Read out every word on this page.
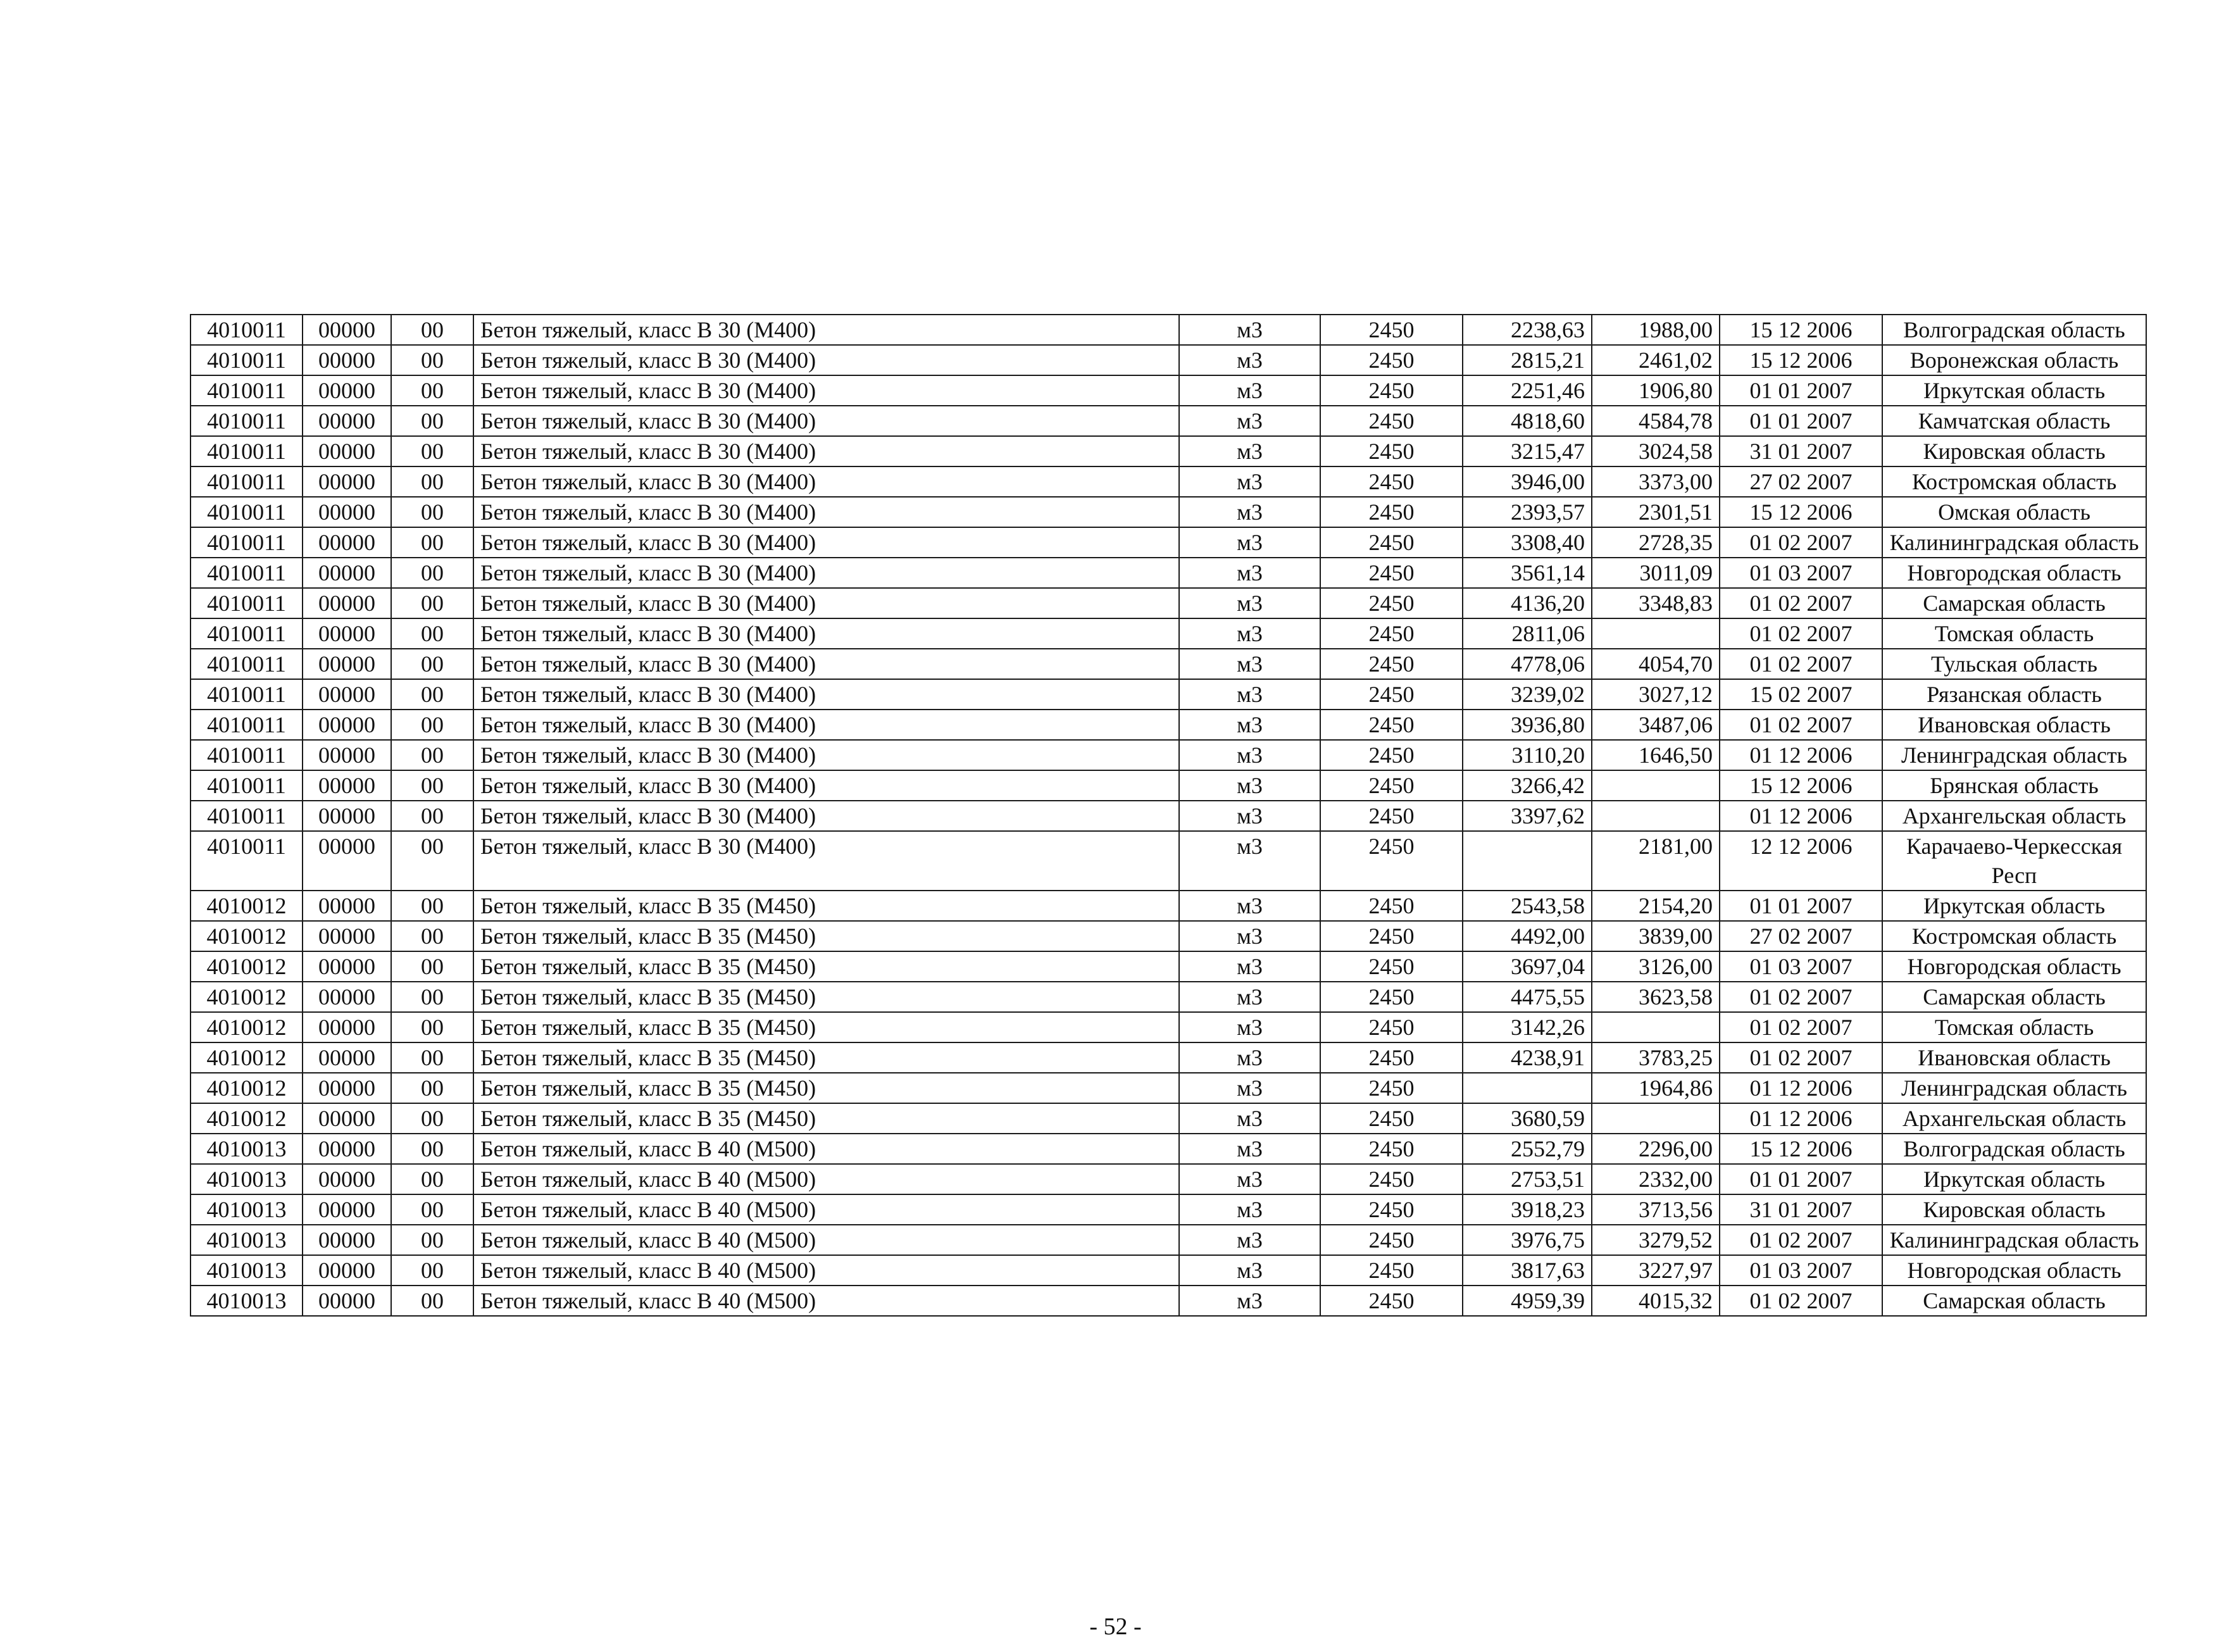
4010011	00000	00	Бетон тяжелый, класс В 30 (М400)	м3	2450	2238,63	1988,00	15 12 2006	Волгоградская область
4010011	00000	00	Бетон тяжелый, класс В 30 (М400)	м3	2450	2815,21	2461,02	15 12 2006	Воронежская область
4010011	00000	00	Бетон тяжелый, класс В 30 (М400)	м3	2450	2251,46	1906,80	01 01 2007	Иркутская область
4010011	00000	00	Бетон тяжелый, класс В 30 (М400)	м3	2450	4818,60	4584,78	01 01 2007	Камчатская область
4010011	00000	00	Бетон тяжелый, класс В 30 (М400)	м3	2450	3215,47	3024,58	31 01 2007	Кировская область
4010011	00000	00	Бетон тяжелый, класс В 30 (М400)	м3	2450	3946,00	3373,00	27 02 2007	Костромская область
4010011	00000	00	Бетон тяжелый, класс В 30 (М400)	м3	2450	2393,57	2301,51	15 12 2006	Омская область
4010011	00000	00	Бетон тяжелый, класс В 30 (М400)	м3	2450	3308,40	2728,35	01 02 2007	Калининградская область
4010011	00000	00	Бетон тяжелый, класс В 30 (М400)	м3	2450	3561,14	3011,09	01 03 2007	Новгородская область
4010011	00000	00	Бетон тяжелый, класс В 30 (М400)	м3	2450	4136,20	3348,83	01 02 2007	Самарская область
4010011	00000	00	Бетон тяжелый, класс В 30 (М400)	м3	2450	2811,06		01 02 2007	Томская область
4010011	00000	00	Бетон тяжелый, класс В 30 (М400)	м3	2450	4778,06	4054,70	01 02 2007	Тульская область
4010011	00000	00	Бетон тяжелый, класс В 30 (М400)	м3	2450	3239,02	3027,12	15 02 2007	Рязанская область
4010011	00000	00	Бетон тяжелый, класс В 30 (М400)	м3	2450	3936,80	3487,06	01 02 2007	Ивановская область
4010011	00000	00	Бетон тяжелый, класс В 30 (М400)	м3	2450	3110,20	1646,50	01 12 2006	Ленинградская область
4010011	00000	00	Бетон тяжелый, класс В 30 (М400)	м3	2450	3266,42		15 12 2006	Брянская область
4010011	00000	00	Бетон тяжелый, класс В 30 (М400)	м3	2450	3397,62		01 12 2006	Архангельская область
4010011	00000	00	Бетон тяжелый, класс В 30 (М400)	м3	2450		2181,00	12 12 2006	Карачаево-Черкесская Респ
4010012	00000	00	Бетон тяжелый, класс В 35 (М450)	м3	2450	2543,58	2154,20	01 01 2007	Иркутская область
4010012	00000	00	Бетон тяжелый, класс В 35 (М450)	м3	2450	4492,00	3839,00	27 02 2007	Костромская область
4010012	00000	00	Бетон тяжелый, класс В 35 (М450)	м3	2450	3697,04	3126,00	01 03 2007	Новгородская область
4010012	00000	00	Бетон тяжелый, класс В 35 (М450)	м3	2450	4475,55	3623,58	01 02 2007	Самарская область
4010012	00000	00	Бетон тяжелый, класс В 35 (М450)	м3	2450	3142,26		01 02 2007	Томская область
4010012	00000	00	Бетон тяжелый, класс В 35 (М450)	м3	2450	4238,91	3783,25	01 02 2007	Ивановская область
4010012	00000	00	Бетон тяжелый, класс В 35 (М450)	м3	2450		1964,86	01 12 2006	Ленинградская область
4010012	00000	00	Бетон тяжелый, класс В 35 (М450)	м3	2450	3680,59		01 12 2006	Архангельская область
4010013	00000	00	Бетон тяжелый, класс В 40 (М500)	м3	2450	2552,79	2296,00	15 12 2006	Волгоградская область
4010013	00000	00	Бетон тяжелый, класс В 40 (М500)	м3	2450	2753,51	2332,00	01 01 2007	Иркутская область
4010013	00000	00	Бетон тяжелый, класс В 40 (М500)	м3	2450	3918,23	3713,56	31 01 2007	Кировская область
4010013	00000	00	Бетон тяжелый, класс В 40 (М500)	м3	2450	3976,75	3279,52	01 02 2007	Калининградская область
4010013	00000	00	Бетон тяжелый, класс В 40 (М500)	м3	2450	3817,63	3227,97	01 03 2007	Новгородская область
4010013	00000	00	Бетон тяжелый, класс В 40 (М500)	м3	2450	4959,39	4015,32	01 02 2007	Самарская область
- 52 -
